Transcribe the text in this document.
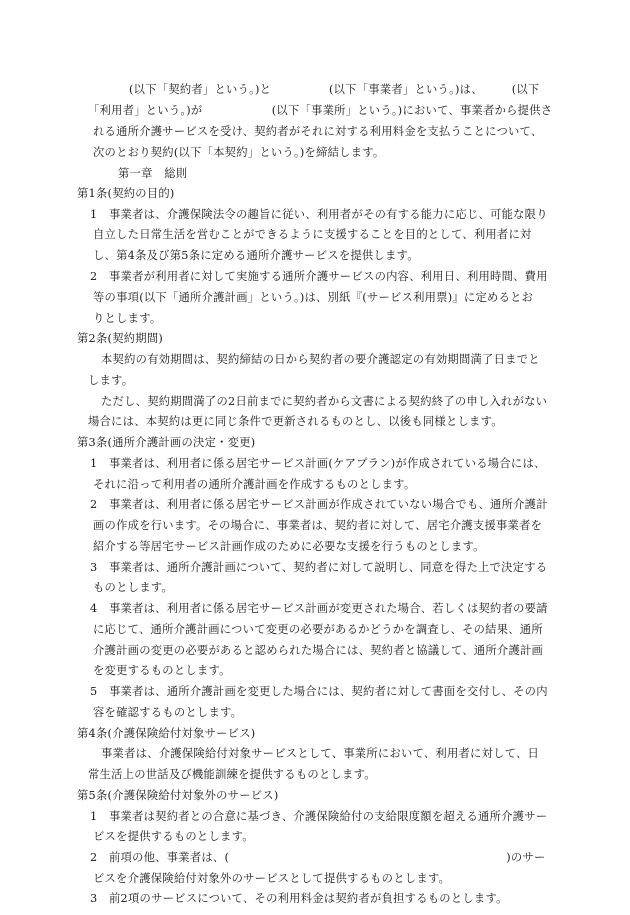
(以下「契約者」という。)と　　　　　(以下「事業者」という。)は、　　　(以下
「利用者」という。)が　　　　　　(以下「事業所」という。)において、事業者から提供さ
れる通所介護サービスを受け、契約者がそれに対する利用料金を支払うことについて、
次のとおり契約(以下「本契約」という。)を締結します。
第一章　総則
第1条(契約の目的)
1　事業者は、介護保険法令の趣旨に従い、利用者がその有する能力に応じ、可能な限り
自立した日常生活を営むことができるように支援することを目的として、利用者に対
し、第4条及び第5条に定める通所介護サービスを提供します。
2　事業者が利用者に対して実施する通所介護サービスの内容、利用日、利用時間、費用
等の事項(以下「通所介護計画」という。)は、別紙『(サービス利用票)』に定めるとお
りとします。
第2条(契約期間)
本契約の有効期間は、契約締結の日から契約者の要介護認定の有効期間満了日までと
します。
ただし、契約期間満了の2日前までに契約者から文書による契約終了の申し入れがない
場合には、本契約は更に同じ条件で更新されるものとし、以後も同様とします。
第3条(通所介護計画の決定・変更)
1　事業者は、利用者に係る居宅サービス計画(ケアプラン)が作成されている場合には、
それに沿って利用者の通所介護計画を作成するものとします。
2　事業者は、利用者に係る居宅サービス計画が作成されていない場合でも、通所介護計
画の作成を行います。その場合に、事業者は、契約者に対して、居宅介護支援事業者を
紹介する等居宅サービス計画作成のために必要な支援を行うものとします。
3　事業者は、通所介護計画について、契約者に対して説明し、同意を得た上で決定する
ものとします。
4　事業者は、利用者に係る居宅サービス計画が変更された場合、若しくは契約者の要請
に応じて、通所介護計画について変更の必要があるかどうかを調査し、その結果、通所
介護計画の変更の必要があると認められた場合には、契約者と協議して、通所介護計画
を変更するものとします。
5　事業者は、通所介護計画を変更した場合には、契約者に対して書面を交付し、その内
容を確認するものとします。
第4条(介護保険給付対象サービス)
事業者は、介護保険給付対象サービスとして、事業所において、利用者に対して、日
常生活上の世話及び機能訓練を提供するものとします。
第5条(介護保険給付対象外のサービス)
1　事業者は契約者との合意に基づき、介護保険給付の支給限度額を超える通所介護サー
ビスを提供するものとします。
2　前項の他、事業者は、(　　　　　　　　　　　　　　　　　　　　　　　　)のサー
ビスを介護保険給付対象外のサービスとして提供するものとします。
3　前2項のサービスについて、その利用料金は契約者が負担するものとします。
